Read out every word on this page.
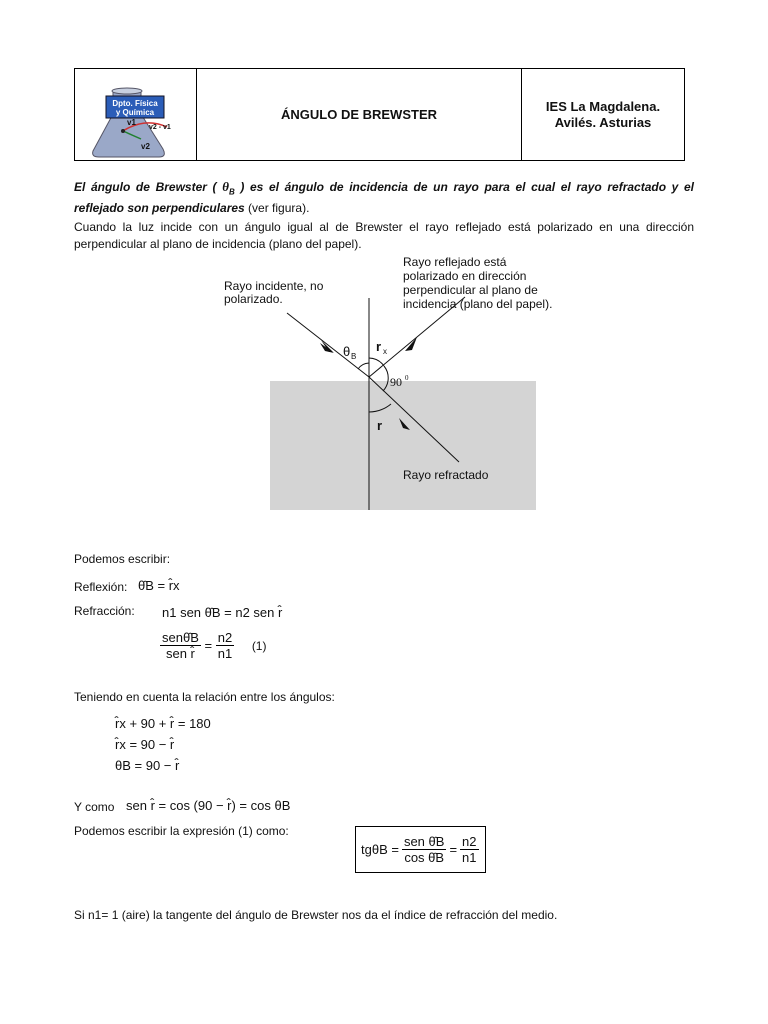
Dpto. Física
y Química
v1
v2
v2 - v1
ÁNGULO DE BREWSTER
IES La Magdalena.
Avilés. Asturias
El ángulo de Brewster ( $\theta_B$ ) es el ángulo de incidencia de un rayo para el cual el rayo refractado y el reflejado son perpendiculares (ver figura).
Cuando la luz incide con un ángulo igual al de Brewster el rayo reflejado está polarizado en una dirección perpendicular al plano de incidencia (plano del papel).
Rayo incidente, no
polarizado.
Rayo reflejado está
polarizado en dirección
perpendicular al plano de
incidencia (plano del papel).
θ B
r x
90 0
r
Rayo refractado
Podemos escribir:
Reflexión: θ̂B = r̂x
Refracción: n1 sen θ̂B = n2 sen r̂
$\frac{\text{senθ̂B}}{\text{sen r̂}} = \frac{n2}{n1} (1)$
Teniendo en cuenta la relación entre los ángulos:
r̂x + 90 + r̂ = 180
r̂x = 90 − r̂
θB = 90 − r̂
Y como sen r̂ = cos (90 − r̂) = cos θB
Podemos escribir la expresión (1) como:
$tg\theta B = \frac{\text{sen θ̂B}}{\text{cos θ̂B}} = \frac{n2}{n1}$
Si n1= 1 (aire) la tangente del ángulo de Brewster nos da el índice de refracción del medio.
